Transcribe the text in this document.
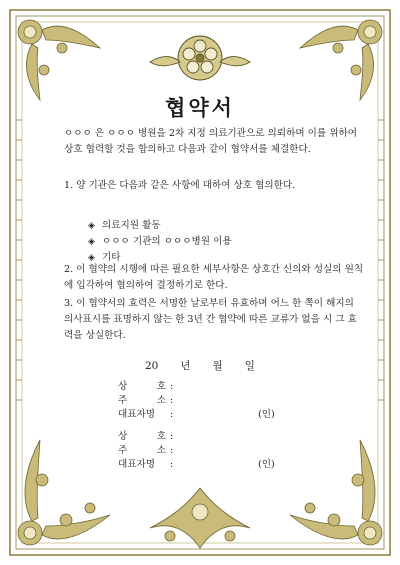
협약서
ㅇㅇㅇ 은 ㅇㅇㅇ 병원을 2차 지정 의료기관으로 의뢰하며 이를 위하여 상호 협력할 것을 합의하고 다음과 같이 협약서를 체결한다.
1. 양 기관은 다음과 같은 사항에 대하여 상호 협의한다.
◈ 의료지원 활동
◈ ㅇㅇㅇ 기관의 ㅇㅇㅇ병원 이용
◈ 기타
2. 이 협약의 시행에 따른 필요한 세부사항은 상호간 신의와 성실의 원칙에 입각하여 협의하여 결정하기로 한다.
3. 이 협약서의 효력은 서명한 날로부터 유효하며 어느 한 쪽이 해지의 의사표시를 표명하지 않는 한 3년 간 협약에 따른 교류가 없을 시 그 효력을 상실한다.
20 년 월 일
상 호 :
주 소 :
대표자명	:	(인)
상 호 :
주 소 :
대표자명	:	(인)
